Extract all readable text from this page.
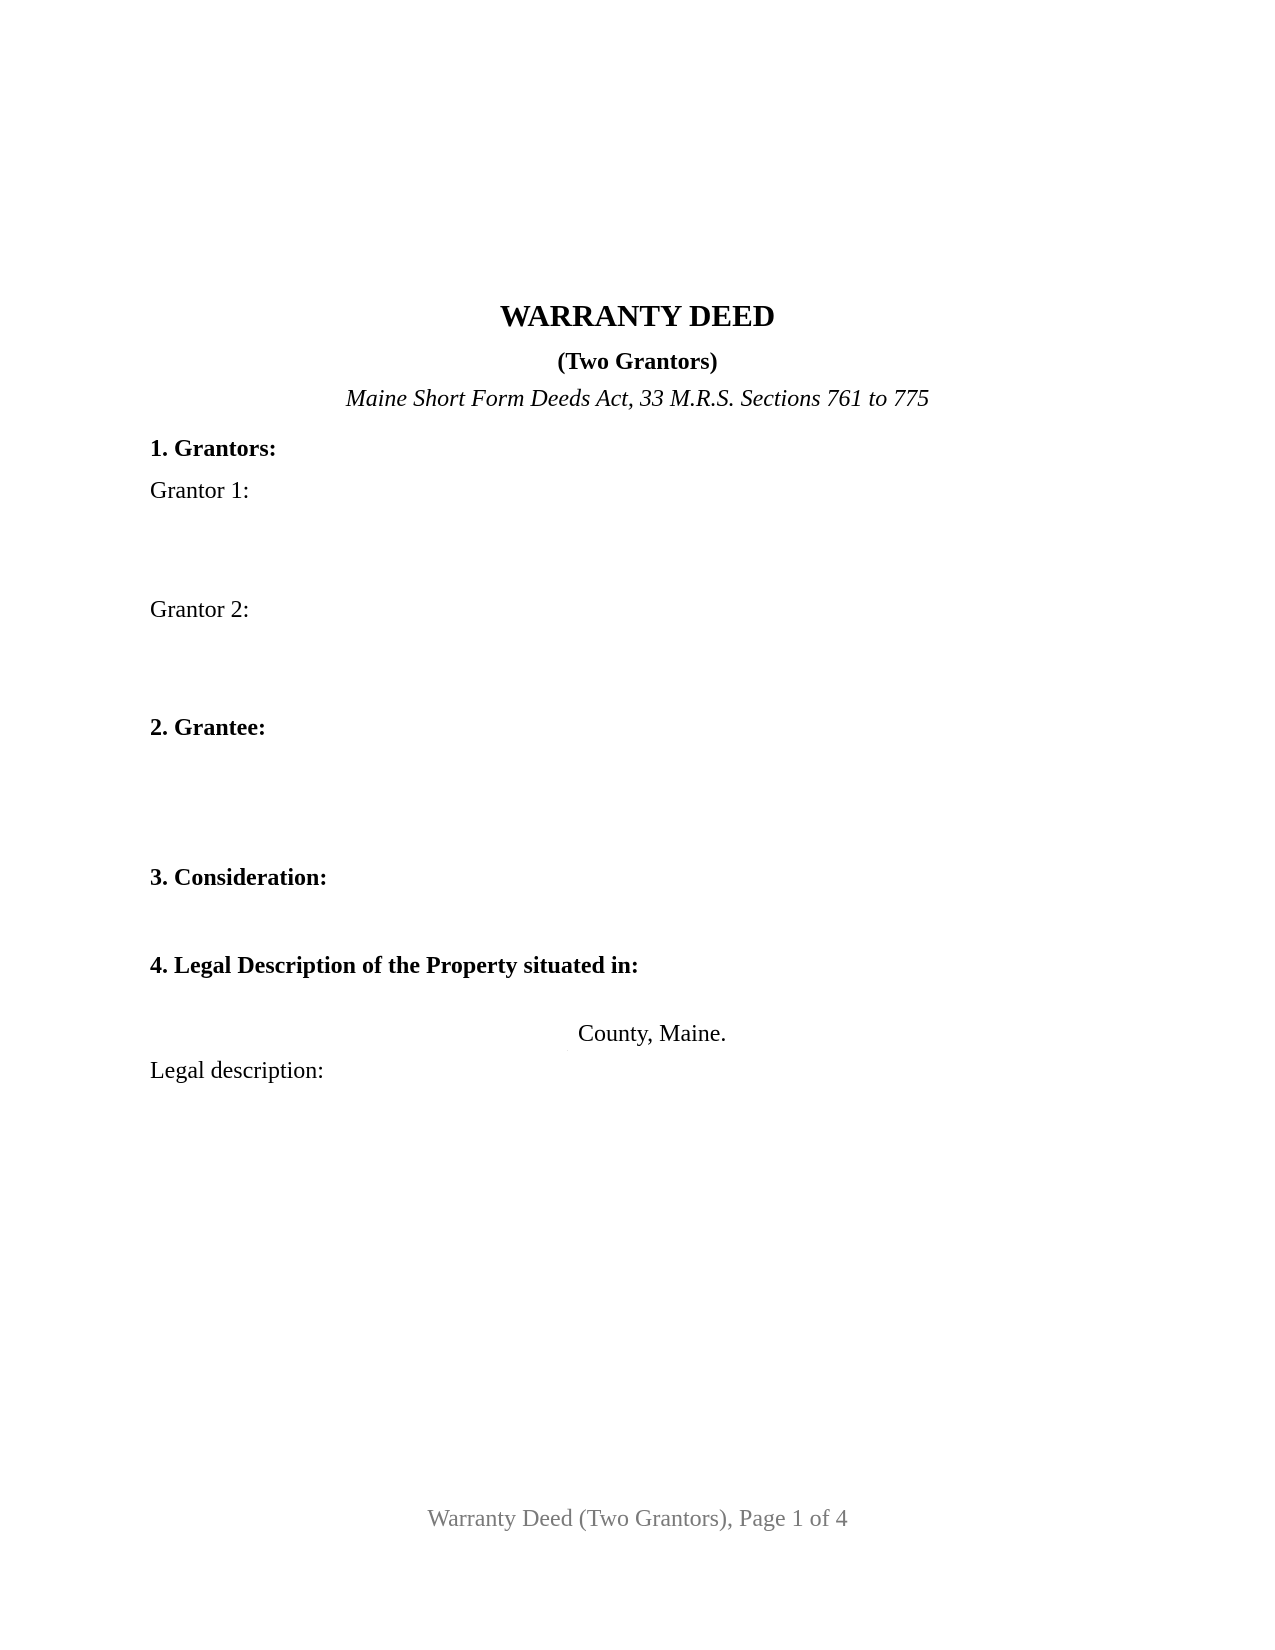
WARRANTY DEED
(Two Grantors)
Maine Short Form Deeds Act, 33 M.R.S. Sections 761 to 775
1. Grantors:
Grantor 1:
Grantor 2:
2. Grantee:
3. Consideration:
4. Legal Description of the Property situated in:
County, Maine.
Legal description:
Warranty Deed (Two Grantors), Page 1 of 4
